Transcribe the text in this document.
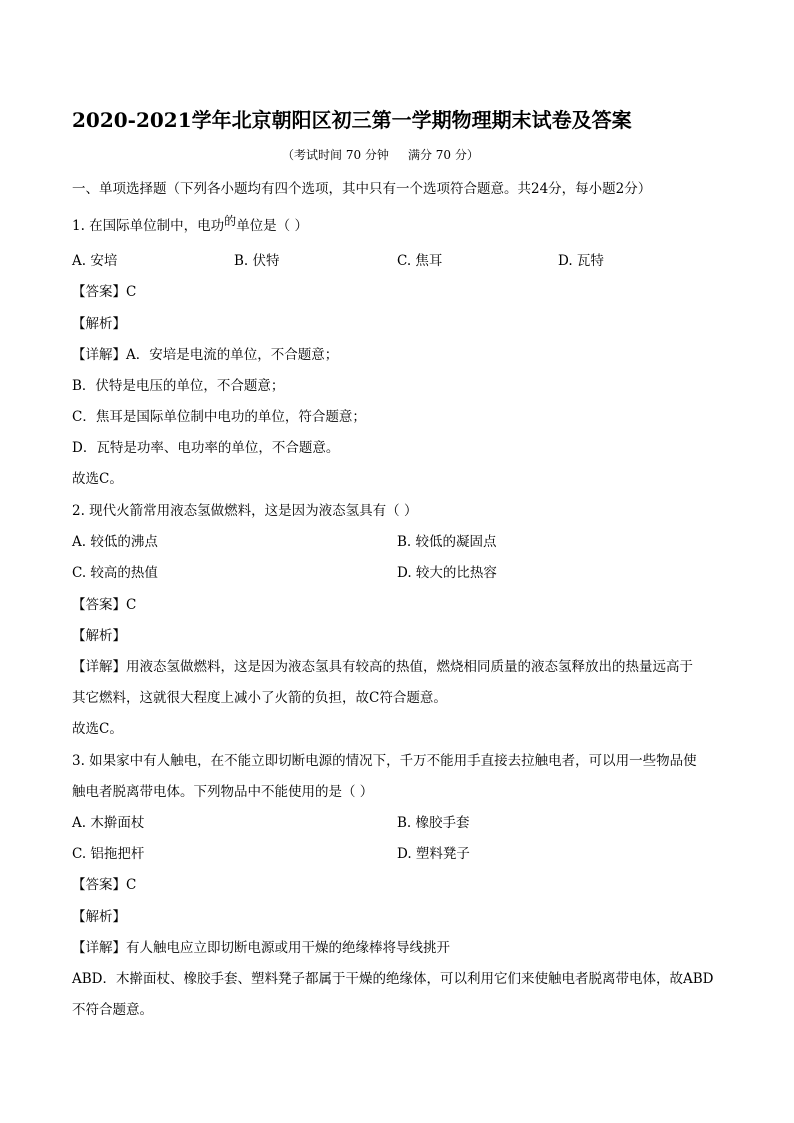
2020-2021学年北京朝阳区初三第一学期物理期末试卷及答案
（考试时间 70 分钟     满分 70 分）
一、单项选择题（下列各小题均有四个选项，其中只有一个选项符合题意。共24分，每小题2分）
1. 在国际单位制中，电功的单位是（ ）
A. 安培	B. 伏特	C. 焦耳	D. 瓦特
【答案】C
【解析】
【详解】A．安培是电流的单位，不合题意；
B．伏特是电压的单位，不合题意；
C．焦耳是国际单位制中电功的单位，符合题意；
D．瓦特是功率、电功率的单位，不合题意。
故选C。
2. 现代火箭常用液态氢做燃料，这是因为液态氢具有（ ）
A. 较低的沸点	B. 较低的凝固点
C. 较高的热值	D. 较大的比热容
【答案】C
【解析】
【详解】用液态氢做燃料，这是因为液态氢具有较高的热值，燃烧相同质量的液态氢释放出的热量远高于
其它燃料，这就很大程度上减小了火箭的负担，故C符合题意。
故选C。
3. 如果家中有人触电，在不能立即切断电源的情况下，千万不能用手直接去拉触电者，可以用一些物品使
触电者脱离带电体。下列物品中不能使用的是（ ）
A. 木擀面杖	B. 橡胶手套
C. 铝拖把杆	D. 塑料凳子
【答案】C
【解析】
【详解】有人触电应立即切断电源或用干燥的绝缘棒将导线挑开
ABD．木擀面杖、橡胶手套、塑料凳子都属于干燥的绝缘体，可以利用它们来使触电者脱离带电体，故ABD
不符合题意。
